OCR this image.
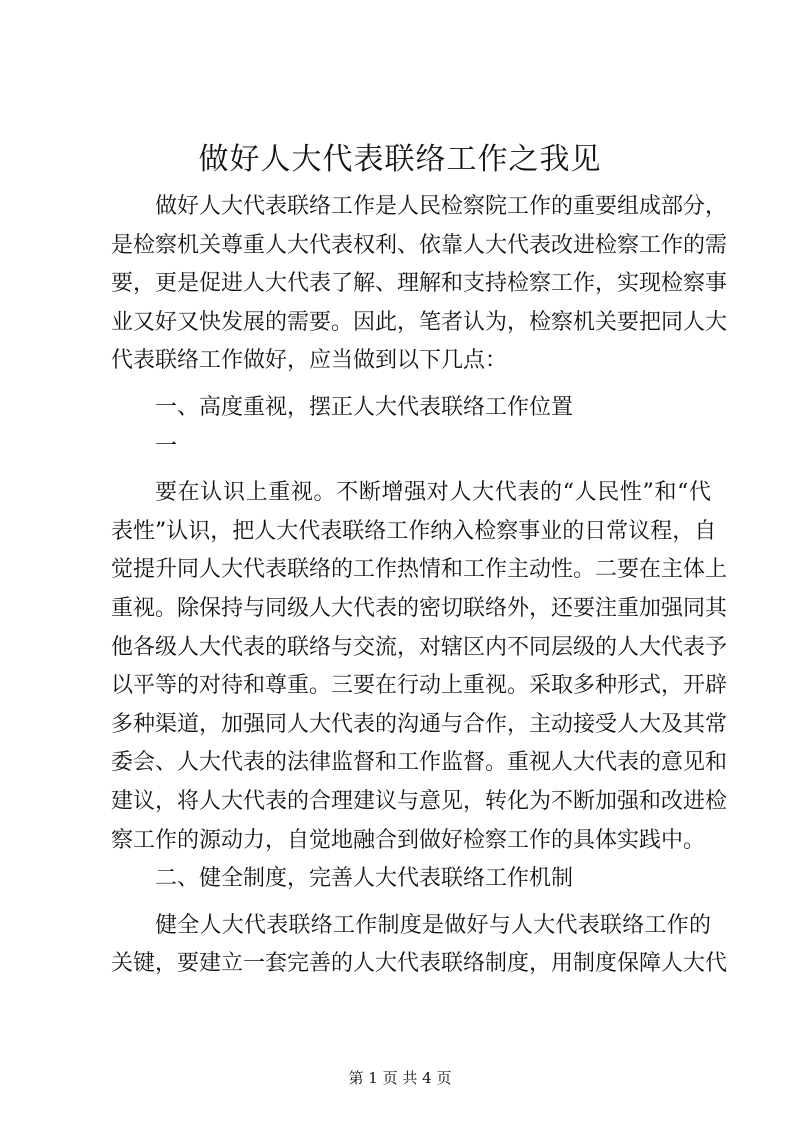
做好人大代表联络工作之我见
做好人大代表联络工作是人民检察院工作的重要组成部分，
是检察机关尊重人大代表权利、依靠人大代表改进检察工作的需
要，更是促进人大代表了解、理解和支持检察工作，实现检察事
业又好又快发展的需要。因此，笔者认为，检察机关要把同人大
代表联络工作做好，应当做到以下几点：
一、高度重视，摆正人大代表联络工作位置
一
要在认识上重视。不断增强对人大代表的“人民性”和“代
表性”认识，把人大代表联络工作纳入检察事业的日常议程，自
觉提升同人大代表联络的工作热情和工作主动性。二要在主体上
重视。除保持与同级人大代表的密切联络外，还要注重加强同其
他各级人大代表的联络与交流，对辖区内不同层级的人大代表予
以平等的对待和尊重。三要在行动上重视。采取多种形式，开辟
多种渠道，加强同人大代表的沟通与合作，主动接受人大及其常
委会、人大代表的法律监督和工作监督。重视人大代表的意见和
建议，将人大代表的合理建议与意见，转化为不断加强和改进检
察工作的源动力，自觉地融合到做好检察工作的具体实践中。
二、健全制度，完善人大代表联络工作机制
健全人大代表联络工作制度是做好与人大代表联络工作的
关键，要建立一套完善的人大代表联络制度，用制度保障人大代
第 1 页 共 4 页
